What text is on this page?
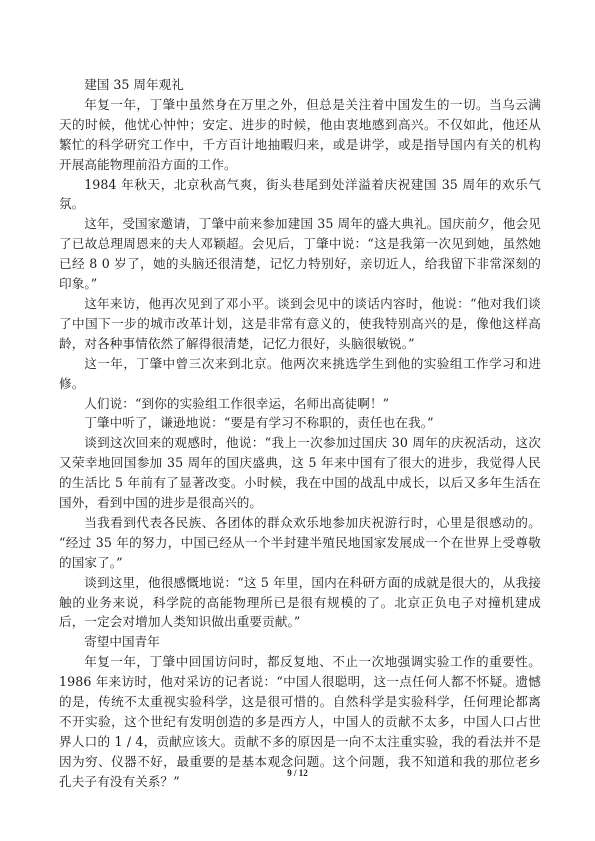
建国 35 周年观礼

年复一年，丁肇中虽然身在万里之外，但总是关注着中国发生的一切。当乌云满天的时候，他忧心忡忡；安定、进步的时候，他由衷地感到高兴。不仅如此，他还从繁忙的科学研究工作中，千方百计地抽暇归来，或是讲学，或是指导国内有关的机构开展高能物理前沿方面的工作。

1984 年秋天，北京秋高气爽，街头巷尾到处洋溢着庆祝建国 35 周年的欢乐气氛。

这年，受国家邀请，丁肇中前来参加建国 35 周年的盛大典礼。国庆前夕，他会见了已故总理周恩来的夫人邓颖超。会见后，丁肇中说：“这是我第一次见到她，虽然她已经 8 0 岁了，她的头脑还很清楚，记忆力特别好，亲切近人，给我留下非常深刻的印象。”

这年来访，他再次见到了邓小平。谈到会见中的谈话内容时，他说：“他对我们谈了中国下一步的城市改革计划，这是非常有意义的，使我特别高兴的是，像他这样高龄，对各种事情依然了解得很清楚，记忆力很好，头脑很敏锐。”

这一年，丁肇中曾三次来到北京。他两次来挑选学生到他的实验组工作学习和进修。

人们说：“到你的实验组工作很幸运，名师出高徒啊！”

丁肇中听了，谦逊地说：“要是有学习不称职的，责任也在我。”

谈到这次回来的观感时，他说：“我上一次参加过国庆 30 周年的庆祝活动，这次又荣幸地回国参加 35 周年的国庆盛典，这 5 年来中国有了很大的进步，我觉得人民的生活比 5 年前有了显著改变。小时候，我在中国的战乱中成长，以后又多年生活在国外，看到中国的进步是很高兴的。

当我看到代表各民族、各团体的群众欢乐地参加庆祝游行时，心里是很感动的。 “经过 35 年的努力，中国已经从一个半封建半殖民地国家发展成一个在世界上受尊敬的国家了。”

谈到这里，他很感慨地说：“这 5 年里，国内在科研方面的成就是很大的，从我接触的业务来说，科学院的高能物理所已是很有规模的了。北京正负电子对撞机建成后，一定会对增加人类知识做出重要贡献。”

寄望中国青年

年复一年，丁肇中回国访问时，都反复地、不止一次地强调实验工作的重要性。1986 年来访时，他对采访的记者说：“中国人很聪明，这一点任何人都不怀疑。遗憾的是，传统不太重视实验科学，这是很可惜的。自然科学是实验科学，任何理论都离不开实验，这个世纪有发明创造的多是西方人，中国人的贡献不太多，中国人口占世界人口的 1 / 4，贡献应该大。贡献不多的原因是一向不太注重实验，我的看法并不是因为穷、仪器不好，最重要的是基本观念问题。这个问题，我不知道和我的那位老乡孔夫子有没有关系？”

9 / 12
